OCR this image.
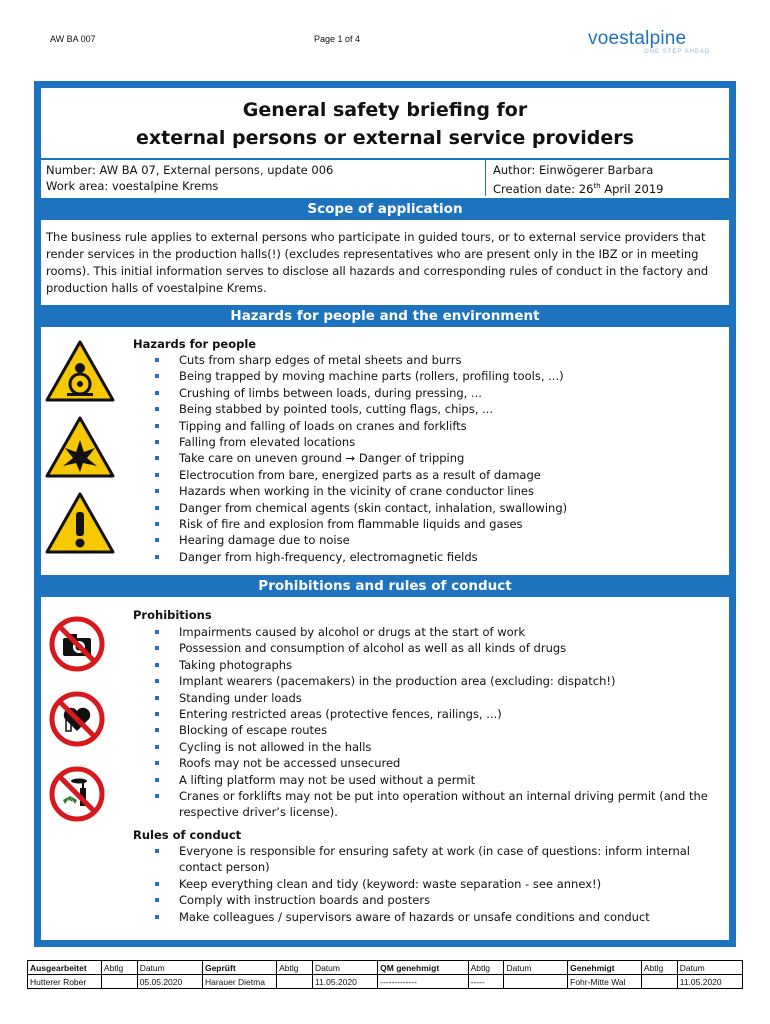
AW BA 007	Page 1 of 4	voestalpine
ONE STEP AHEAD
General safety briefing for
external persons or external service providers
Number: AW BA 07, External persons, update 006	Author: Einwögerer Barbara
Work area: voestalpine Krems	Creation date: 26th April 2019
Scope of application
The business rule applies to external persons who participate in guided tours, or to external service providers that render services in the production halls(!) (excludes representatives who are present only in the IBZ or in meeting rooms). This initial information serves to disclose all hazards and corresponding rules of conduct in the factory and production halls of voestalpine Krems.
Hazards for people and the environment
Hazards for people
Cuts from sharp edges of metal sheets and burrs
Being trapped by moving machine parts (rollers, profiling tools, ...)
Crushing of limbs between loads, during pressing, ...
Being stabbed by pointed tools, cutting flags, chips, ...
Tipping and falling of loads on cranes and forklifts
Falling from elevated locations
Take care on uneven ground → Danger of tripping
Electrocution from bare, energized parts as a result of damage
Hazards when working in the vicinity of crane conductor lines
Danger from chemical agents (skin contact, inhalation, swallowing)
Risk of fire and explosion from flammable liquids and gases
Hearing damage due to noise
Danger from high-frequency, electromagnetic fields
Prohibitions and rules of conduct
Prohibitions
Impairments caused by alcohol or drugs at the start of work
Possession and consumption of alcohol as well as all kinds of drugs
Taking photographs
Implant wearers (pacemakers) in the production area (excluding: dispatch!)
Standing under loads
Entering restricted areas (protective fences, railings, ...)
Blocking of escape routes
Cycling is not allowed in the halls
Roofs may not be accessed unsecured
A lifting platform may not be used without a permit
Cranes or forklifts may not be put into operation without an internal driving permit (and the respective driver’s license).
Rules of conduct
Everyone is responsible for ensuring safety at work (in case of questions: inform internal contact person)
Keep everything clean and tidy (keyword: waste separation - see annex!)
Comply with instruction boards and posters
Make colleagues / supervisors aware of hazards or unsafe conditions and conduct
Ausgearbeitet	Abtlg	Datum	Geprüft	Abtlg	Datum	QM genehmigt	Abtlg	Datum	Genehmigt	Abtlg	Datum
Hutterer Rober		05.05.2020	Harauer Dietma		11.05.2020	-------------	-----		Fohr-Mitte Wal		11.05.2020
